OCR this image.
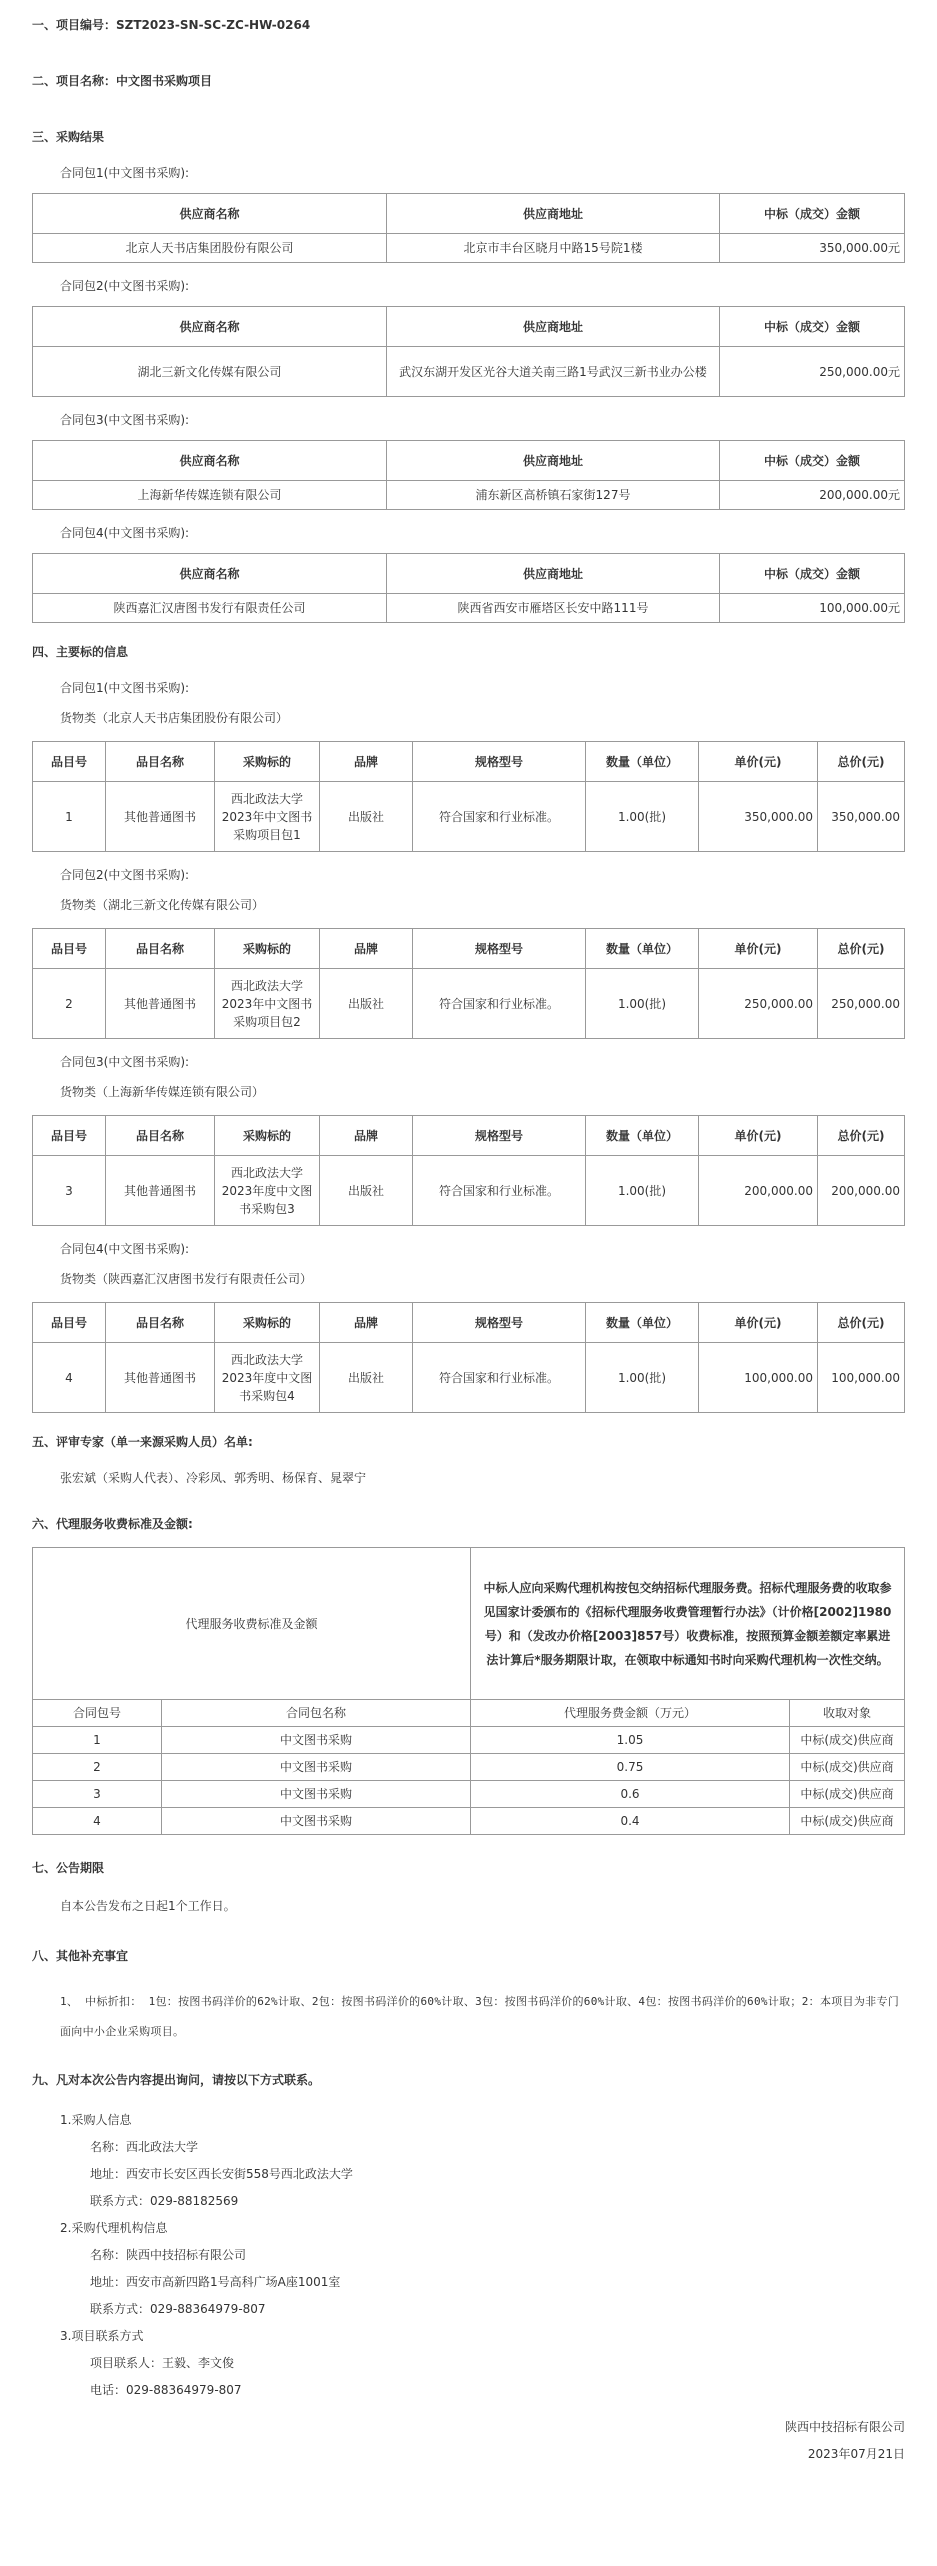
一、项目编号：SZT2023-SN-SC-ZC-HW-0264
二、项目名称：中文图书采购项目
三、采购结果
合同包1(中文图书采购):
供应商名称	供应商地址	中标（成交）金额
北京人天书店集团股份有限公司	北京市丰台区晓月中路15号院1楼	350,000.00元
合同包2(中文图书采购):
供应商名称	供应商地址	中标（成交）金额
湖北三新文化传媒有限公司	武汉东湖开发区光谷大道关南三路1号武汉三新书业办公楼	250,000.00元
合同包3(中文图书采购):
供应商名称	供应商地址	中标（成交）金额
上海新华传媒连锁有限公司	浦东新区高桥镇石家街127号	200,000.00元
合同包4(中文图书采购):
供应商名称	供应商地址	中标（成交）金额
陕西嘉汇汉唐图书发行有限责任公司	陕西省西安市雁塔区长安中路111号	100,000.00元
四、主要标的信息
合同包1(中文图书采购):
货物类（北京人天书店集团股份有限公司）
品目号	品目名称	采购标的	品牌	规格型号	数量（单位）	单价(元)	总价(元)
1	其他普通图书	西北政法大学2023年中文图书采购项目包1	出版社	符合国家和行业标准。	1.00(批)	350,000.00	350,000.00
合同包2(中文图书采购):
货物类（湖北三新文化传媒有限公司）
品目号	品目名称	采购标的	品牌	规格型号	数量（单位）	单价(元)	总价(元)
2	其他普通图书	西北政法大学2023年中文图书采购项目包2	出版社	符合国家和行业标准。	1.00(批)	250,000.00	250,000.00
合同包3(中文图书采购):
货物类（上海新华传媒连锁有限公司）
品目号	品目名称	采购标的	品牌	规格型号	数量（单位）	单价(元)	总价(元)
3	其他普通图书	西北政法大学2023年度中文图书采购包3	出版社	符合国家和行业标准。	1.00(批)	200,000.00	200,000.00
合同包4(中文图书采购):
货物类（陕西嘉汇汉唐图书发行有限责任公司）
品目号	品目名称	采购标的	品牌	规格型号	数量（单位）	单价(元)	总价(元)
4	其他普通图书	西北政法大学2023年度中文图书采购包4	出版社	符合国家和行业标准。	1.00(批)	100,000.00	100,000.00
五、评审专家（单一来源采购人员）名单:
张宏斌（采购人代表）、冷彩凤、郭秀明、杨保育、晁翠宁
六、代理服务收费标准及金额:
代理服务收费标准及金额		中标人应向采购代理机构按包交纳招标代理服务费。招标代理服务费的收取参见国家计委颁布的《招标代理服务收费管理暂行办法》（计价格[2002]1980号）和（发改办价格[2003]857号）收费标准，按照预算金额差额定率累进法计算后*服务期限计取，在领取中标通知书时向采购代理机构一次性交纳。	
合同包号	合同包名称	代理服务费金额（万元）	收取对象
1	中文图书采购	1.05	中标(成交)供应商
2	中文图书采购	0.75	中标(成交)供应商
3	中文图书采购	0.6	中标(成交)供应商
4	中文图书采购	0.4	中标(成交)供应商
七、公告期限
自本公告发布之日起1个工作日。
八、其他补充事宜
1、 中标折扣： 1包：按图书码洋价的62%计取、2包：按图书码洋价的60%计取、3包：按图书码洋价的60%计取、4包：按图书码洋价的60%计取；2：本项目为非专门面向中小企业采购项目。
九、凡对本次公告内容提出询问，请按以下方式联系。
1.采购人信息
名称：西北政法大学
地址：西安市长安区西长安街558号西北政法大学
联系方式：029-88182569
2.采购代理机构信息
名称：陕西中技招标有限公司
地址：西安市高新四路1号高科广场A座1001室
联系方式：029-88364979-807
3.项目联系方式
项目联系人：王毅、李文俊
电话：029-88364979-807
陕西中技招标有限公司
2023年07月21日
